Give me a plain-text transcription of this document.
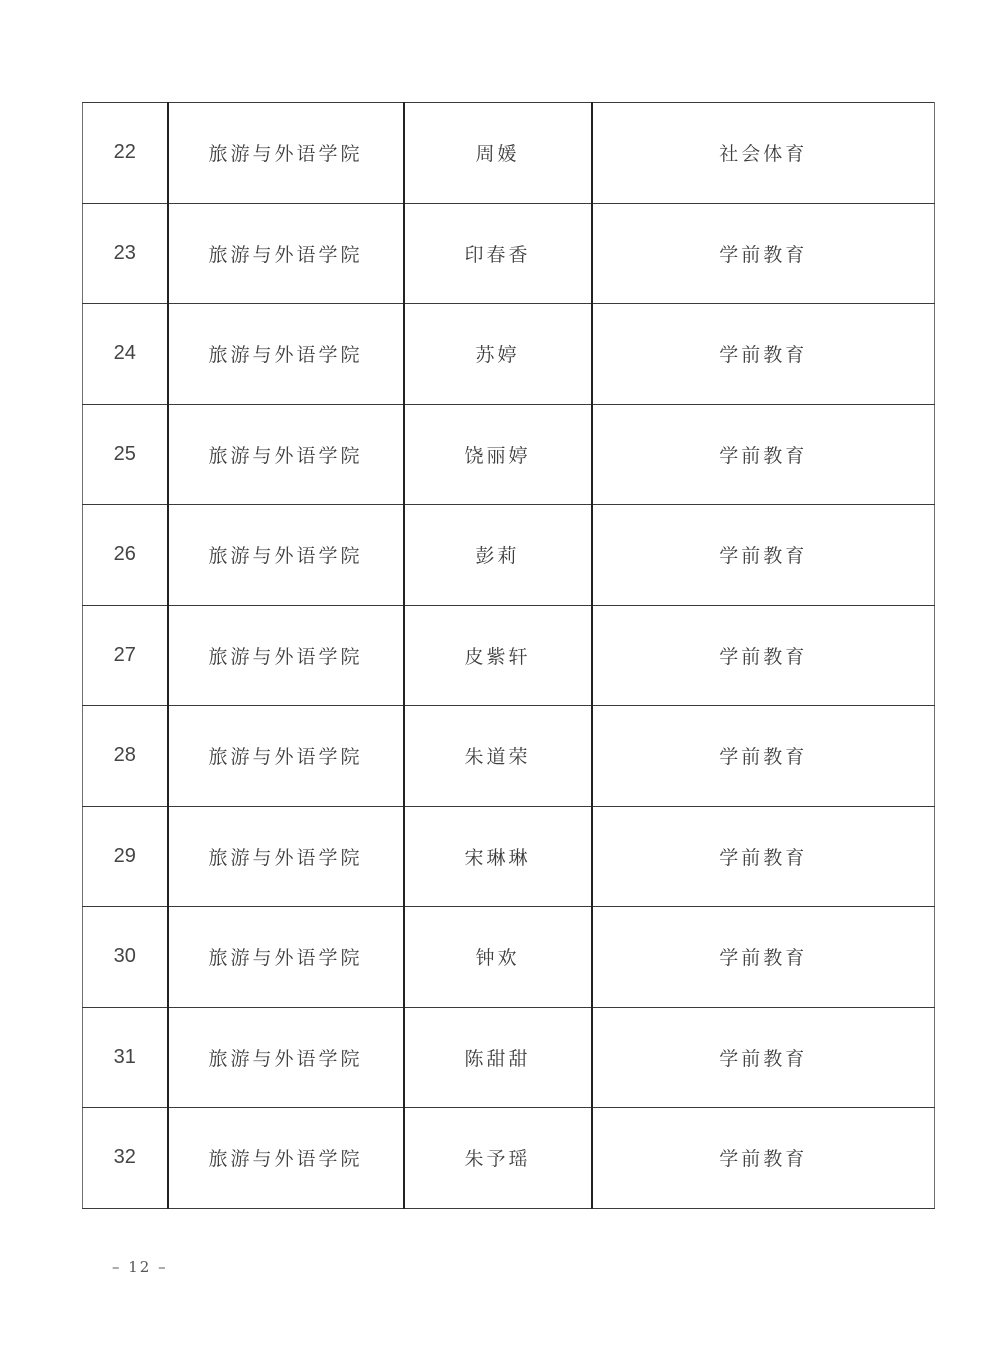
22	旅游与外语学院	周媛	社会体育
23	旅游与外语学院	印春香	学前教育
24	旅游与外语学院	苏婷	学前教育
25	旅游与外语学院	饶丽婷	学前教育
26	旅游与外语学院	彭莉	学前教育
27	旅游与外语学院	皮紫轩	学前教育
28	旅游与外语学院	朱道荣	学前教育
29	旅游与外语学院	宋琳琳	学前教育
30	旅游与外语学院	钟欢	学前教育
31	旅游与外语学院	陈甜甜	学前教育
32	旅游与外语学院	朱予瑶	学前教育
– 12 –
